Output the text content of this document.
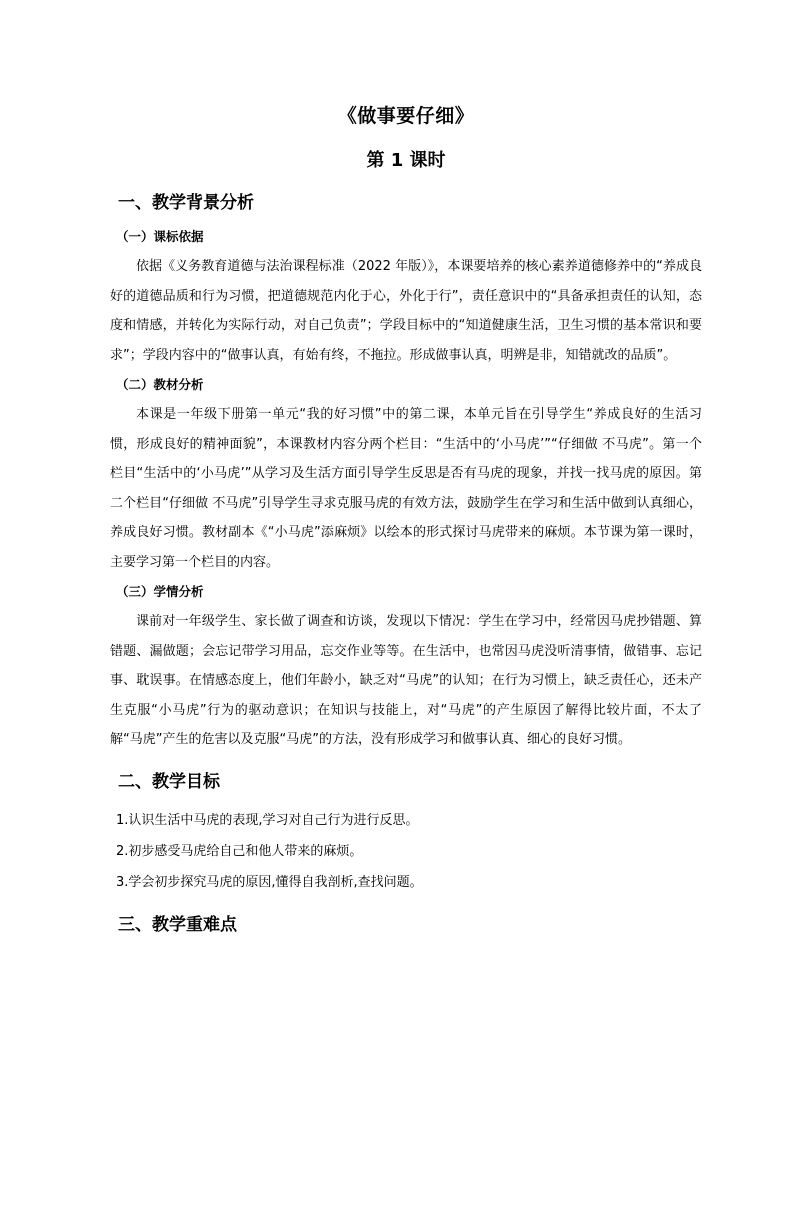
《做事要仔细》
第 1 课时
一、教学背景分析
（一）课标依据

依据《义务教育道德与法治课程标准（2022 年版）》，本课要培养的核心素养道德修养中的“养成良好的道德品质和行为习惯，把道德规范内化于心，外化于行”，责任意识中的“具备承担责任的认知，态度和情感，并转化为实际行动，对自己负责”；学段目标中的“知道健康生活，卫生习惯的基本常识和要求”；学段内容中的“做事认真，有始有终，不拖拉。形成做事认真，明辨是非，知错就改的品质”。

（二）教材分析

本课是一年级下册第一单元“我的好习惯”中的第二课，本单元旨在引导学生“养成良好的生活习惯，形成良好的精神面貌”，本课教材内容分两个栏目：“生活中的‘小马虎’”“仔细做 不马虎”。第一个栏目“生活中的‘小马虎’”从学习及生活方面引导学生反思是否有马虎的现象，并找一找马虎的原因。第二个栏目“仔细做 不马虎”引导学生寻求克服马虎的有效方法，鼓励学生在学习和生活中做到认真细心，养成良好习惯。教材副本《“小马虎”添麻烦》以绘本的形式探讨马虎带来的麻烦。本节课为第一课时，主要学习第一个栏目的内容。

（三）学情分析

课前对一年级学生、家长做了调查和访谈，发现以下情况：学生在学习中，经常因马虎抄错题、算错题、漏做题；会忘记带学习用品，忘交作业等等。在生活中，也常因马虎没听清事情，做错事、忘记事、耽误事。在情感态度上，他们年龄小，缺乏对“马虎”的认知；在行为习惯上，缺乏责任心，还未产生克服“小马虎”行为的驱动意识；在知识与技能上，对“马虎”的产生原因了解得比较片面，不太了解“马虎”产生的危害以及克服“马虎”的方法，没有形成学习和做事认真、细心的良好习惯。

二、教学目标
1.认识生活中马虎的表现,学习对自己行为进行反思。
2.初步感受马虎给自己和他人带来的麻烦。
3.学会初步探究马虎的原因,懂得自我剖析,查找问题。
三、教学重难点
